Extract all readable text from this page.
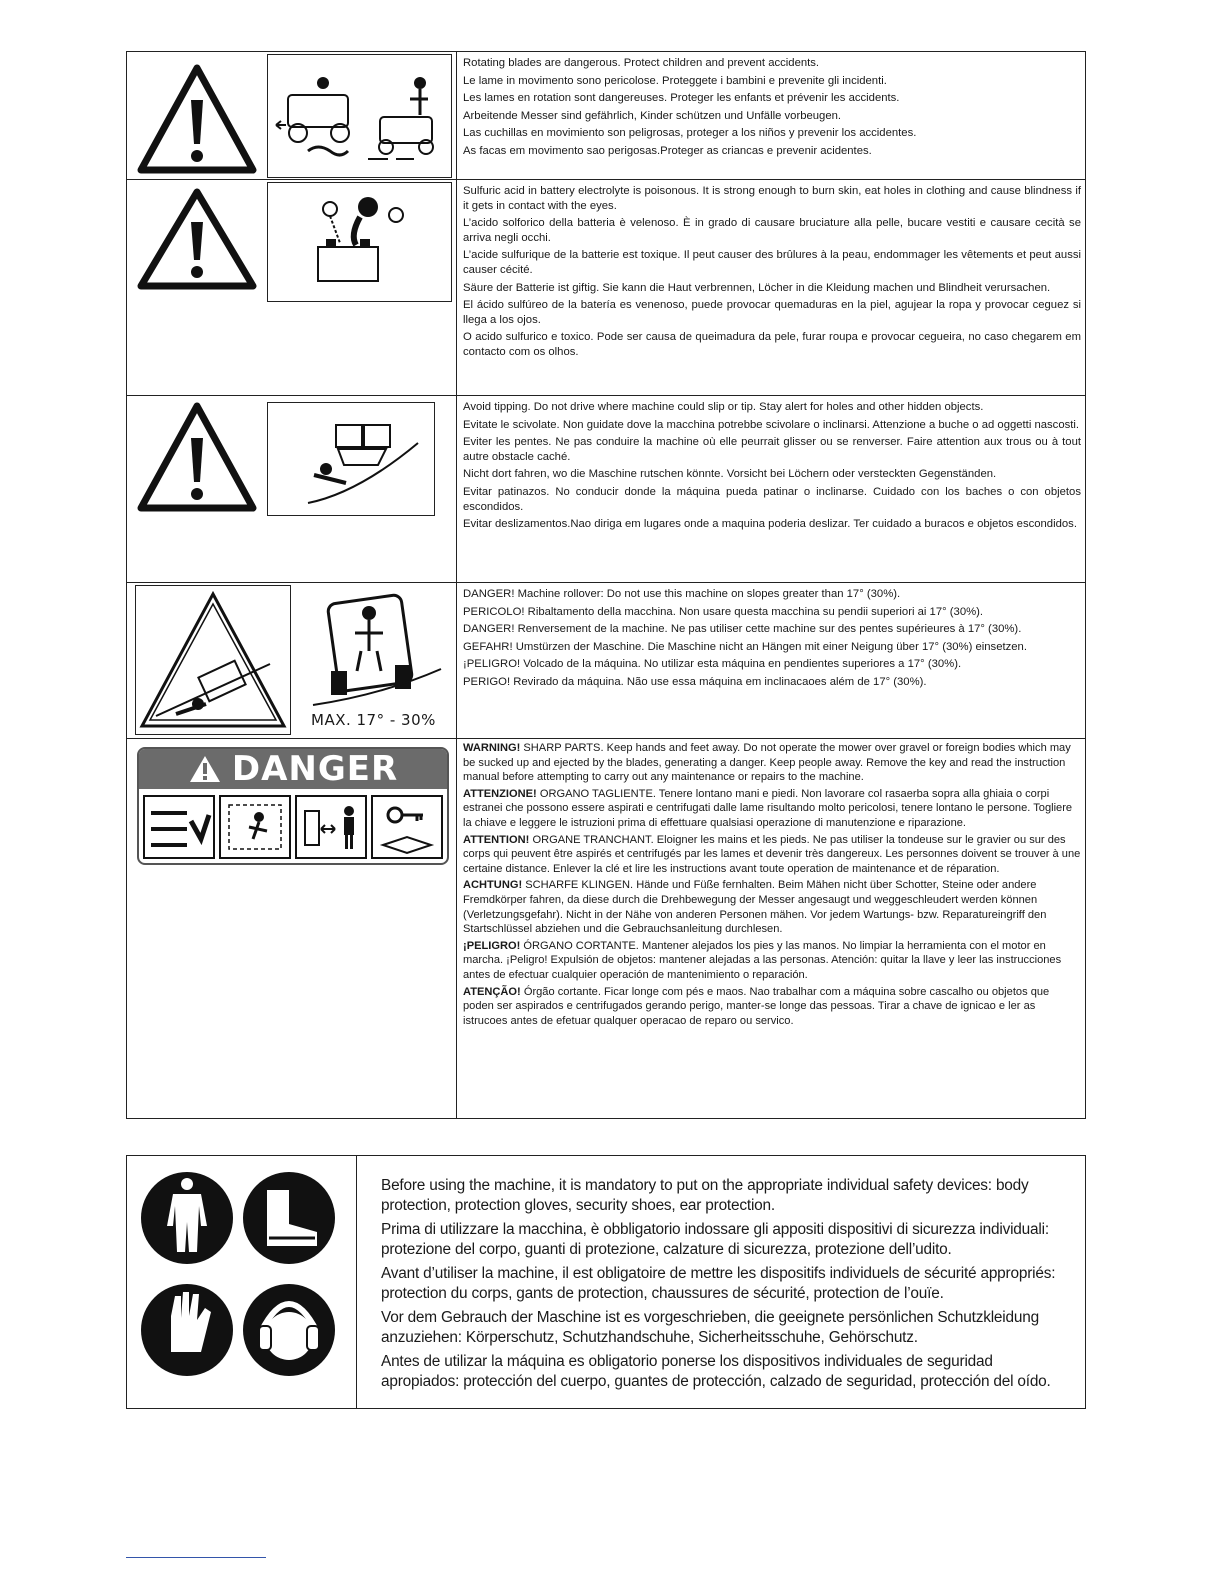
Rotating blades are dangerous. Protect children and prevent accidents.

Le lame in movimento sono pericolose. Proteggete i bambini e prevenite gli incidenti.

Les lames en rotation sont dangereuses. Proteger les enfants et prévenir les accidents.

Arbeitende Messer sind gefährlich, Kinder schützen und Unfälle vorbeugen.

Las cuchillas en movimiento son peligrosas, proteger a los niños y prevenir los accidentes.

As facas em movimento sao perigosas.Proteger as criancas e prevenir acidentes.

Sulfuric acid in battery electrolyte is poisonous. It is strong enough to burn skin, eat holes in clothing and cause blindness if it gets in contact with the eyes.

L’acido solforico della batteria è velenoso. È in grado di causare bruciature alla pelle, bucare vestiti e causare cecità se arriva negli occhi.

L’acide sulfurique de la batterie est toxique. Il peut causer des brûlures à la peau, endommager les vêtements et peut aussi causer cécité.

Säure der Batterie ist giftig. Sie kann die Haut verbrennen, Löcher in die Kleidung machen und Blindheit verursachen.

El ácido sulfúreo de la batería es venenoso, puede provocar quemaduras en la piel, agujear la ropa y provocar ceguez si llega a los ojos.

O acido sulfurico e toxico. Pode ser causa de queimadura da pele, furar roupa e provocar cegueira, no caso chegarem em contacto com os olhos.

Avoid tipping. Do not drive where machine could slip or tip. Stay alert for holes and other hidden objects.

Evitate le scivolate. Non guidate dove la macchina potrebbe scivolare o inclinarsi. Attenzione a buche o ad oggetti nascosti.

Eviter les pentes. Ne pas conduire la machine où elle peurrait glisser ou se renverser. Faire attention aux trous ou à tout autre obstacle caché.

Nicht dort fahren, wo die Maschine rutschen könnte. Vorsicht bei Löchern oder versteckten Gegenständen.

Evitar patinazos. No conducir donde la máquina pueda patinar o inclinarse. Cuidado con los baches o con objetos escondidos.

Evitar deslizamentos.Nao diriga em lugares onde a maquina poderia deslizar. Ter cuidado a buracos e objetos escondidos.

MAX. 17° - 30%

DANGER! Machine rollover: Do not use this machine on slopes greater than 17° (30%).

PERICOLO! Ribaltamento della macchina. Non usare questa macchina su pendii superiori ai 17° (30%).

DANGER! Renversement de la machine. Ne pas utiliser cette machine sur des pentes supérieures à 17° (30%).

GEFAHR! Umstürzen der Maschine. Die Maschine nicht an Hängen mit einer Neigung über 17° (30%) einsetzen.

¡PELIGRO! Volcado de la máquina. No utilizar esta máquina en pendientes superiores a 17° (30%).

PERIGO! Revirado da máquina. Não use essa máquina em inclinacaoes além de 17° (30%).

DANGER

WARNING! SHARP PARTS. Keep hands and feet away. Do not operate the mower over gravel or foreign bodies which may be sucked up and ejected by the blades, generating a danger. Keep people away. Remove the key and read the instruction manual before attempting to carry out any maintenance or repairs to the machine.

ATTENZIONE! ORGANO TAGLIENTE. Tenere lontano mani e piedi. Non lavorare col rasaerba sopra alla ghiaia o corpi estranei che possono essere aspirati e centrifugati dalle lame risultando molto pericolosi, tenere lontano le persone. Togliere la chiave e leggere le istruzioni prima di effettuare qualsiasi operazione di manutenzione e riparazione.

ATTENTION! ORGANE TRANCHANT. Eloigner les mains et les pieds. Ne pas utiliser la tondeuse sur le gravier ou sur des corps qui peuvent être aspirés et centrifugés par les lames et devenir très dangereux. Les personnes doivent se trouver à une certaine distance. Enlever la clé et lire les instructions avant toute operation de maintenance et de réparation.

ACHTUNG! SCHARFE KLINGEN. Hände und Füße fernhalten. Beim Mähen nicht über Schotter, Steine oder andere Fremdkörper fahren, da diese durch die Drehbewegung der Messer angesaugt und weggeschleudert werden können (Verletzungsgefahr). Nicht in der Nähe von anderen Personen mähen. Vor jedem Wartungs- bzw. Reparatureingriff den Startschlüssel abziehen und die Gebrauchsanleitung durchlesen.

¡PELIGRO! ÓRGANO CORTANTE. Mantener alejados los pies y las manos. No limpiar la herramienta con el motor en marcha. ¡Peligro! Expulsión de objetos: mantener alejadas a las personas. Atención: quitar la llave y leer las instrucciones antes de efectuar cualquier operación de mantenimiento o reparación.

ATENÇÃO! Órgão cortante. Ficar longe com pés e maos. Nao trabalhar com a máquina sobre cascalho ou objetos que poden ser aspirados e centrifugados gerando perigo, manter-se longe das pessoas. Tirar a chave de ignicao e ler as istrucoes antes de efetuar qualquer operacao de reparo ou servico.

Before using the machine, it is mandatory to put on the appropriate individual safety devices: body protection, protection gloves, security shoes, ear protection.

Prima di utilizzare la macchina, è obbligatorio indossare gli appositi dispositivi di sicurezza individuali: protezione del corpo, guanti di protezione, calzature di sicurezza, protezione dell’udito.

Avant d’utiliser la machine, il est obligatoire de mettre les dispositifs individuels de sécurité appropriés: protection du corps, gants de protection, chaussures de sécurité, protection de l’ouïe.

Vor dem Gebrauch der Maschine ist es vorgeschrieben, die geeignete persönlichen Schutzkleidung anzuziehen: Körperschutz, Schutzhandschuhe, Sicherheitsschuhe, Gehörschutz.

Antes de utilizar la máquina es obligatorio ponerse los dispositivos individuales de seguridad apropiados: protección del cuerpo, guantes de protección, calzado de seguridad, protección del oído.
